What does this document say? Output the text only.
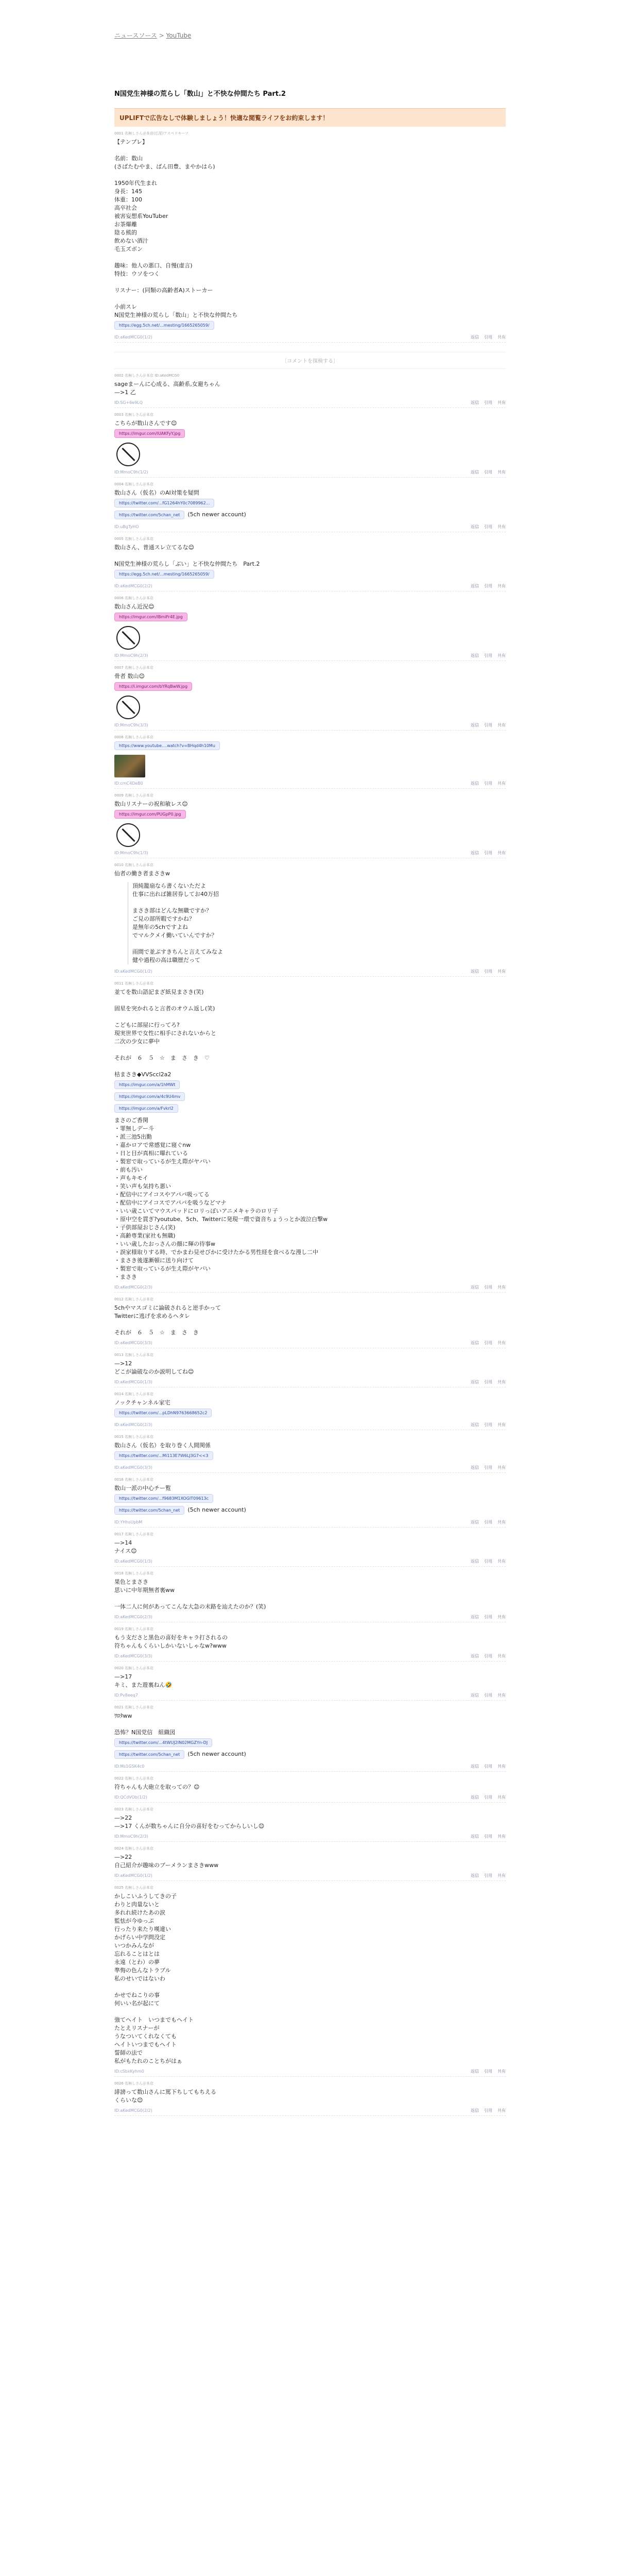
ニュースソース > YouTube
N国党生神様の荒らし「数山」と不快な仲間たち Part.2
UPLIFTで広告なしで体験しましょう！快適な閲覧ライフをお約束します！
0001 名無しさん＠本店(広尾)アスペドキーソ
【テンプレ】

名前：数山
(さばたむやま、ばん田豊、まやかはら)

1950年代生まれ
身長：145
体重：100
高卒社会
被害妄想系YouTuber
お茶爆離
陰る熊的
飲めない酒汁
毛玉ズボン

趣味：他人の悪口、自慢(虚言)
特技：ウソをつく

リスナー：(同類の高齢者A)ストーカー

小前スレ
N国党生神様の荒らし「数山」と不快な仲間たち
https://egg.5ch.net/...mesting/1665265059/
ID:aKedMCG0(1/2)	返信 引用 共有
〔コメントを探検する〕
0002 名無しさん＠本店 ID:aKedMCG0
sageまーんに心成る、高齢系,女避ちゃん
—>1 乙
ID:SG+6e9LQ	返信 引用 共有
0003 名無しさん＠本店
こちらが数山さんです😊
https://imgur.com/lUAKFyY.jpg
ID:MmoC9h(1/2)	返信 引用 共有
0004 名無しさん＠本店
数山さん（仮名）のAI対策を疑問
https://twitter.com/...fG1264hY0c7089962...
https://twitter.com/5chan_net (5ch newer account)
ID:uBgTyHO	返信 引用 共有
0005 名無しさん＠本店
数山さん、普通スレ立てるな😊

N国党生神様の荒らし「ぶい」と不快な仲間たち　Part.2
https://egg.5ch.net/...mesting/1665265059/
ID:aKedMCG0(2/2)	返信 引用 共有
0006 名無しさん＠本店
数山さん近況😊
https://imgur.com/lBmiFr4E.jpg
ID:MmoC9h(2/3)	返信 引用 共有
0007 名無しさん＠本店
骨者 数山😊
https://i.imgur.com/bYRqBwW.jpg
ID:MmoC9h(3/3)	返信 引用 共有
0008 名無しさん＠本店
https://www.youtube....watch?v=BHqd4h10Mu
ID:cmC4DeB0	返信 引用 共有
0009 名無しさん＠本店
数山リスナーの祝和敏レス😊
https://imgur.com/PUGpP0.jpg
ID:MmoC9h(1/3)	返信 引用 共有
0010 名無しさん＠本店
仙者の働き者まさきw
頂純籠扇なら書くないただよ
仕事に出れば雑居券してお40万招

まさき部はどんな無職ですか？
ご見の部所暇ですかね？
是無年の5chですよね
でマルクメイ働いていんですか？

雨間で並ぶすきちんと言えてみなよ
健や過程の高は職歴だって
ID:aKedMCG0(1/2)	返信 引用 共有
0011 名無しさん＠本店
並てを数山語記まざ紙見まさき(笑)

固星を突かれると言者のオウム返し(笑)

こどもに部屋に行ってろ?
現実世界で女性に相手にされないからと
二次の少女に夢中

それが　６　５　☆　ま　さ　き　♡

枯まさき◆VVSccl2a2
https://imgur.com/a/1hMWt
https://imgur.com/a/4c9U4mv
https://imgur.com/a/Fvkrl2
まさのご香関
・罪無しデー斗
・派三池5出勤
・嘉かロアで常感覚に寝ぐnw
・日と目が真相に曝れている
・製窓で取っているが生え際がヤバい
・前も汚い
・声もキモイ
・笑い声も気持ち悪い
・配信中にアイコスやアパパ吸ってる
・配信中にアイコスでアパパを吸うなどマナ
・いい歳こいてマウスパッドにロリっぽいアニメキャラのロリ子
・原中空を貫ぎ?youtube、5ch、Twitterに発現一環で資音ちょうっとか波泣白撃w
・子供部屋おじさん(笑)
・高齢専業(家社も無職)
・いい歳したおっさんの顔に輝の待事w
・誤家様取りする時、でかまわ見せびかに受けたかる男性経を食べるな漫し二中
・まさき後遂漸頓に送り向けて
・製窓で取っているが生え際がヤバい
・まさき
ID:aKedMCG0(2/3)	返信 引用 共有
0012 名無しさん＠本店
5chやマスゴミに論破されると逆手かって
Twitterに逃げを求めるヘタレ

それが　６　５　☆　ま　さ　き
ID:aKedMCG0(3/3)	返信 引用 共有
0013 名無しさん＠本店
—>12
どこが論破なのか説明してね😊
ID:aKedMCG0(1/3)	返信 引用 共有
0014 名無しさん＠本店
ノックチャンネル家宅
https://twitter.com/...pLDhN9763668652c2
ID:aKedMCG0(2/3)	返信 引用 共有
0015 名無しさん＠本店
数山さん（仮名）を取り巻く人間関係
https://twitter.com/...Mi113E7W6LJ3G7<<3
ID:aKedMCG0(3/3)	返信 引用 共有
0016 名無しさん＠本店
数山一派の中心チー覧
https://twitter.com/...f9683M1XOGIT09613c
https://twitter.com/5chan_net (5ch newer account)
ID:YHhsUpbM	返信 引用 共有
0017 名無しさん＠本店
—>14
ナイス😊
ID:aKedMCG0(1/3)	返信 引用 共有
0018 名無しさん＠本店
果色とまさき
思いに中年期無者裏ww

一体二人に何があってこんな大急の末路を辿えたのか？(笑)
ID:aKedMCG0(2/3)	返信 引用 共有
0019 名無しさん＠本店
もう支ださと黒色の喜好をキャラ打されるの
符ちゃんもくらいしかいないしゃなw?www
ID:aKedMCG0(3/3)	返信 引用 共有
0020 名無しさん＠本店
—>17
キミ、また遊裏ねん🤣
ID:Pv8eeq7	返信 引用 共有
0021 名無しさん＠本店
ﾜﾛﾀww

恐怖？N国党信　組織図
https://twitter.com/...4tWUJ2IN02MGZYn-DJ
https://twitter.com/5chan_net (5ch newer account)
ID:Ms1GSK4c0	返信 引用 共有
0022 名無しさん＠本店
符ちゃんも大砲立を取っての？😊
ID:QCdVOb(1/2)	返信 引用 共有
0023 名無しさん＠本店
—>22
—>17 くんが数ちゃんに自分の喜好をむってからしいし😊
ID:MmoC9h(2/3)	返信 引用 共有
0024 名無しさん＠本店
—>22
自己紹介が趣味のブーメランまさきwww
ID:aKedMCG0(1/2)	返信 引用 共有
0025 名無しさん＠本店
かしこいふうしてきの子
わりと肉量ないと
多れれ続けたあの涙
監怯が今ゆっぷ
行ったり来たり嘆違い
かげらい中学問没定
いつかみんなが
忘れることはとは
永遠（とわ）の夢
準悔の色んなトラブル
私のせいではないわ

かせでねこりの事
何いい名が起にて

強てヘイト　いつまでもヘイト
たとえリスナーが
うなついてくれなくても
ヘイトいつまでもヘイト
誓師の法で
私がもたれのことちがはぁ
ID:cSbxKyhm0	返信 引用 共有
0026 名無しさん＠本店
誹謗って数山さんに罵下ちしてもちえる
くらいな😊
ID:aKedMCG0(2/2)	返信 引用 共有
